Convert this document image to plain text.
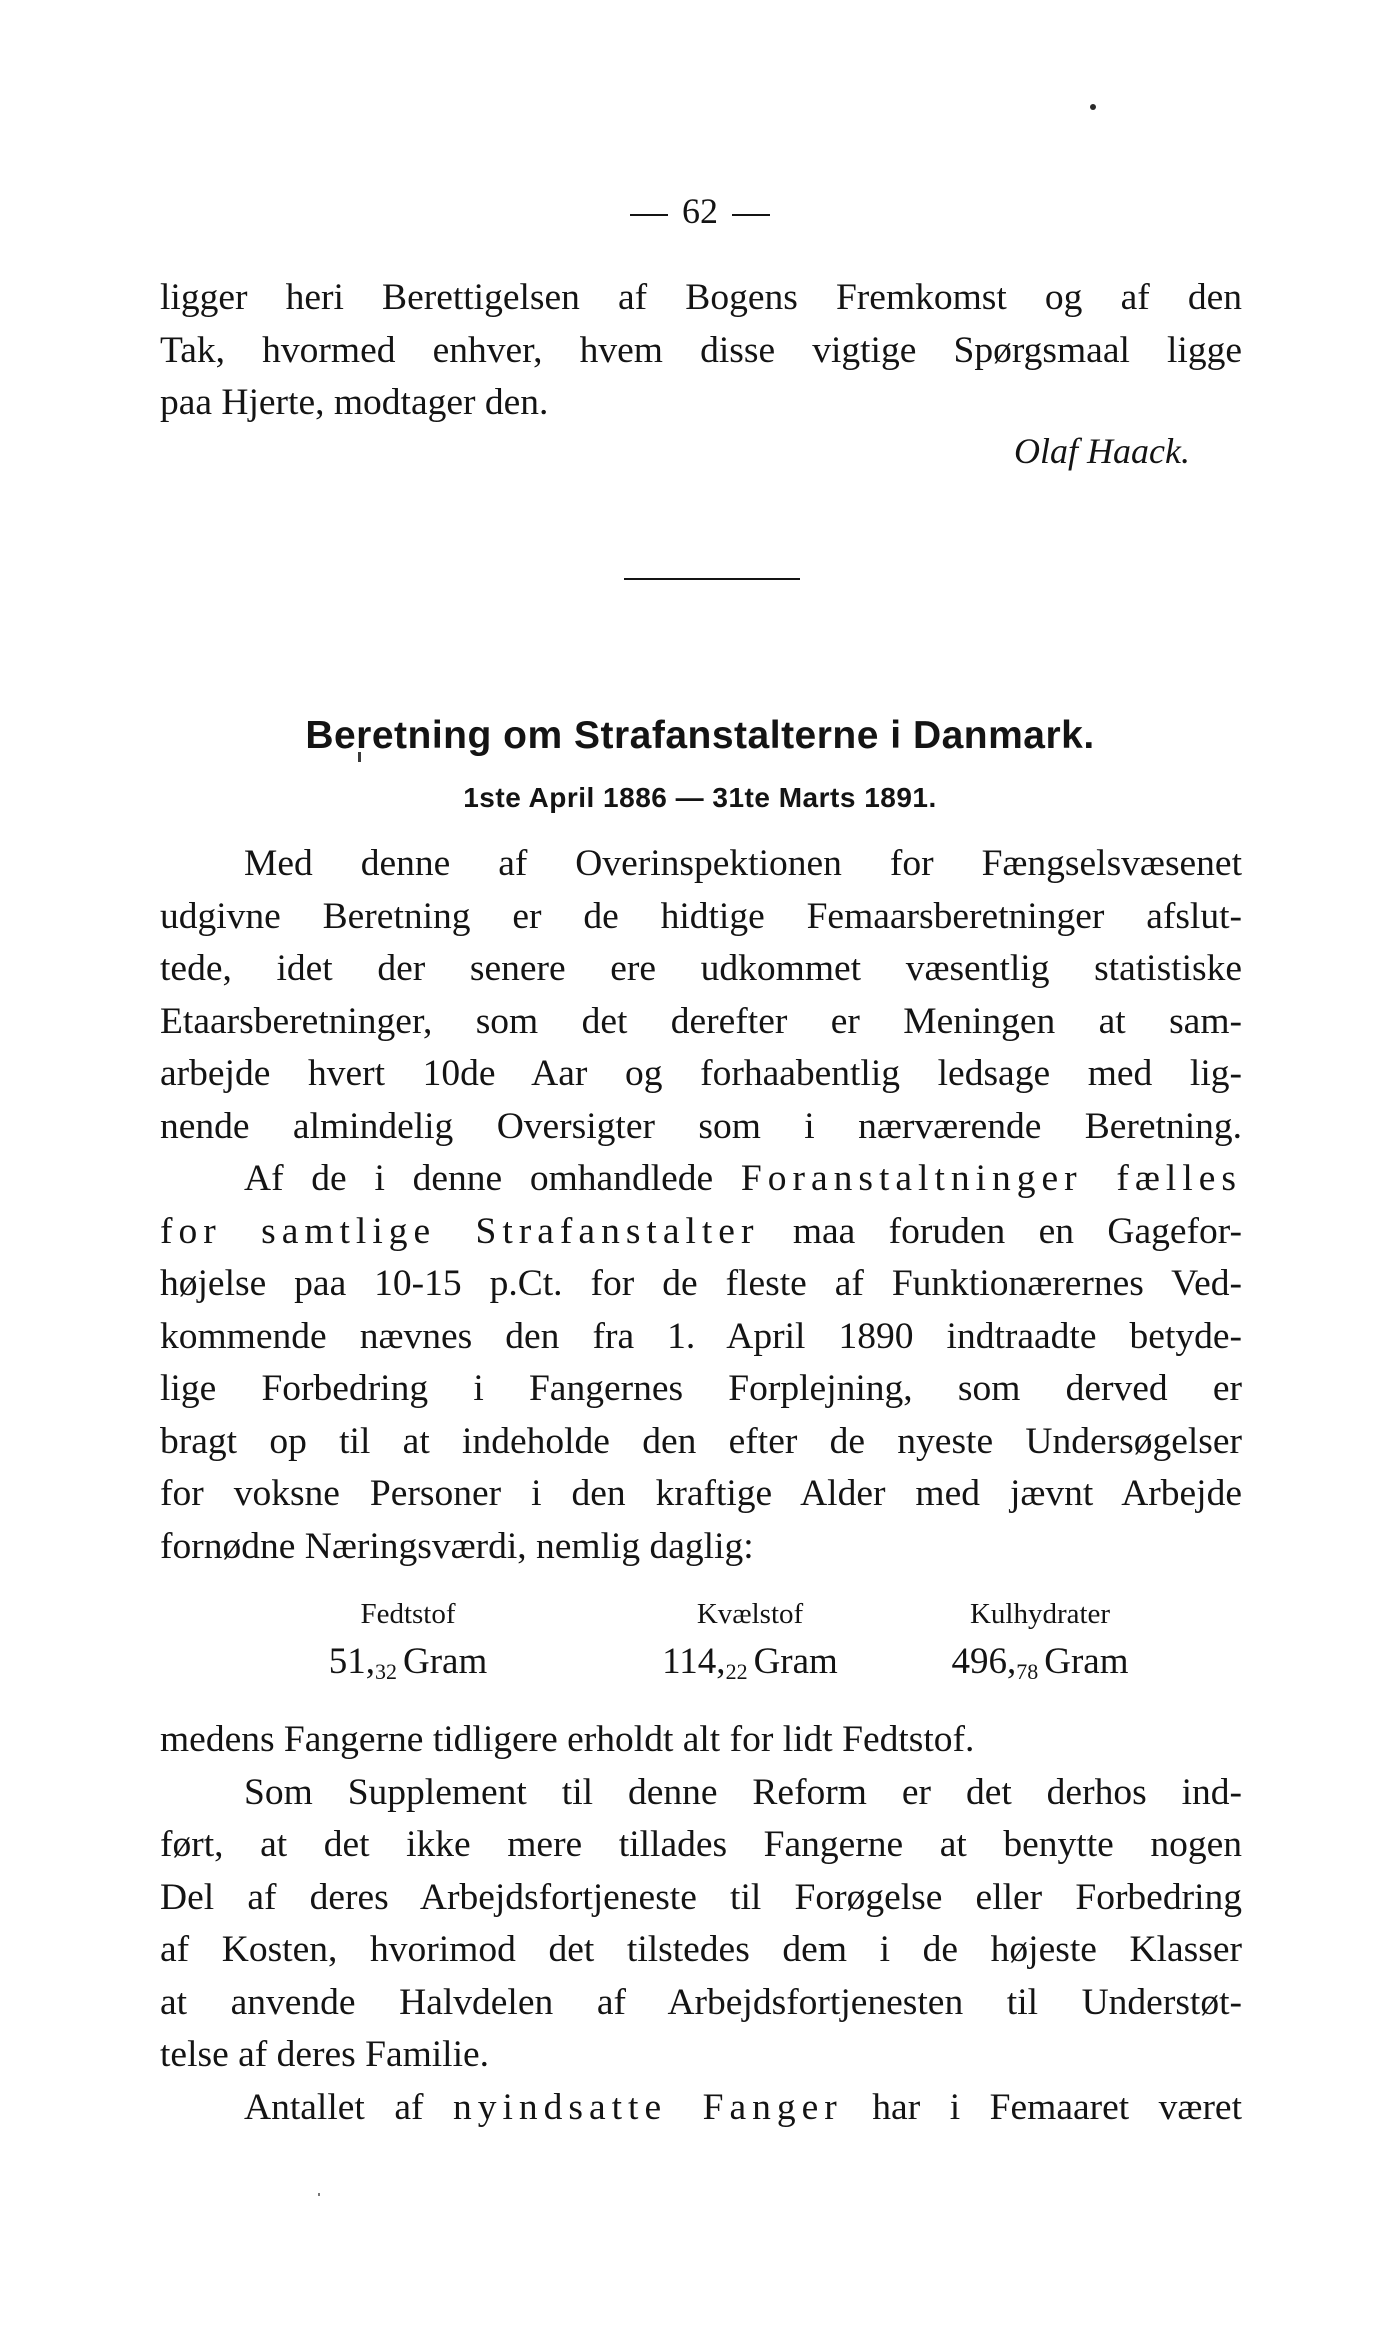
62
ligger heri Berettigelsen af Bogens Fremkomst og af den
Tak, hvormed enhver, hvem disse vigtige Spørgsmaal ligge
paa Hjerte, modtager den.
Olaf Haack.
Beretning om Strafanstalterne i Danmark.
1ste April 1886 — 31te Marts 1891.
Med denne af Overinspektionen for Fængselsvæsenet
udgivne Beretning er de hidtige Femaarsberetninger afslut-
tede, idet der senere ere udkommet væsentlig statistiske
Etaarsberetninger, som det derefter er Meningen at sam-
arbejde hvert 10de Aar og forhaabentlig ledsage med lig-
nende almindelig Oversigter som i nærværende Beretning.
Af de i denne omhandlede Foranstaltninger fælles
for samtlige Strafanstalter maa foruden en Gagefor-
højelse paa 10-15 p.Ct. for de fleste af Funktionærernes Ved-
kommende nævnes den fra 1. April 1890 indtraadte betyde-
lige Forbedring i Fangernes Forplejning, som derved er
bragt op til at indeholde den efter de nyeste Undersøgelser
for voksne Personer i den kraftige Alder med jævnt Arbejde
fornødne Næringsværdi, nemlig daglig:
Fedtstof	Kvælstof	Kulhydrater
$51,_{32}$ Gram	$114,_{22}$ Gram	$496,_{78}$ Gram
medens Fangerne tidligere erholdt alt for lidt Fedtstof.
Som Supplement til denne Reform er det derhos ind-
ført, at det ikke mere tillades Fangerne at benytte nogen
Del af deres Arbejdsfortjeneste til Forøgelse eller Forbedring
af Kosten, hvorimod det tilstedes dem i de højeste Klasser
at anvende Halvdelen af Arbejdsfortjenesten til Understøt-
telse af deres Familie.
Antallet af nyindsatte Fanger har i Femaaret været
